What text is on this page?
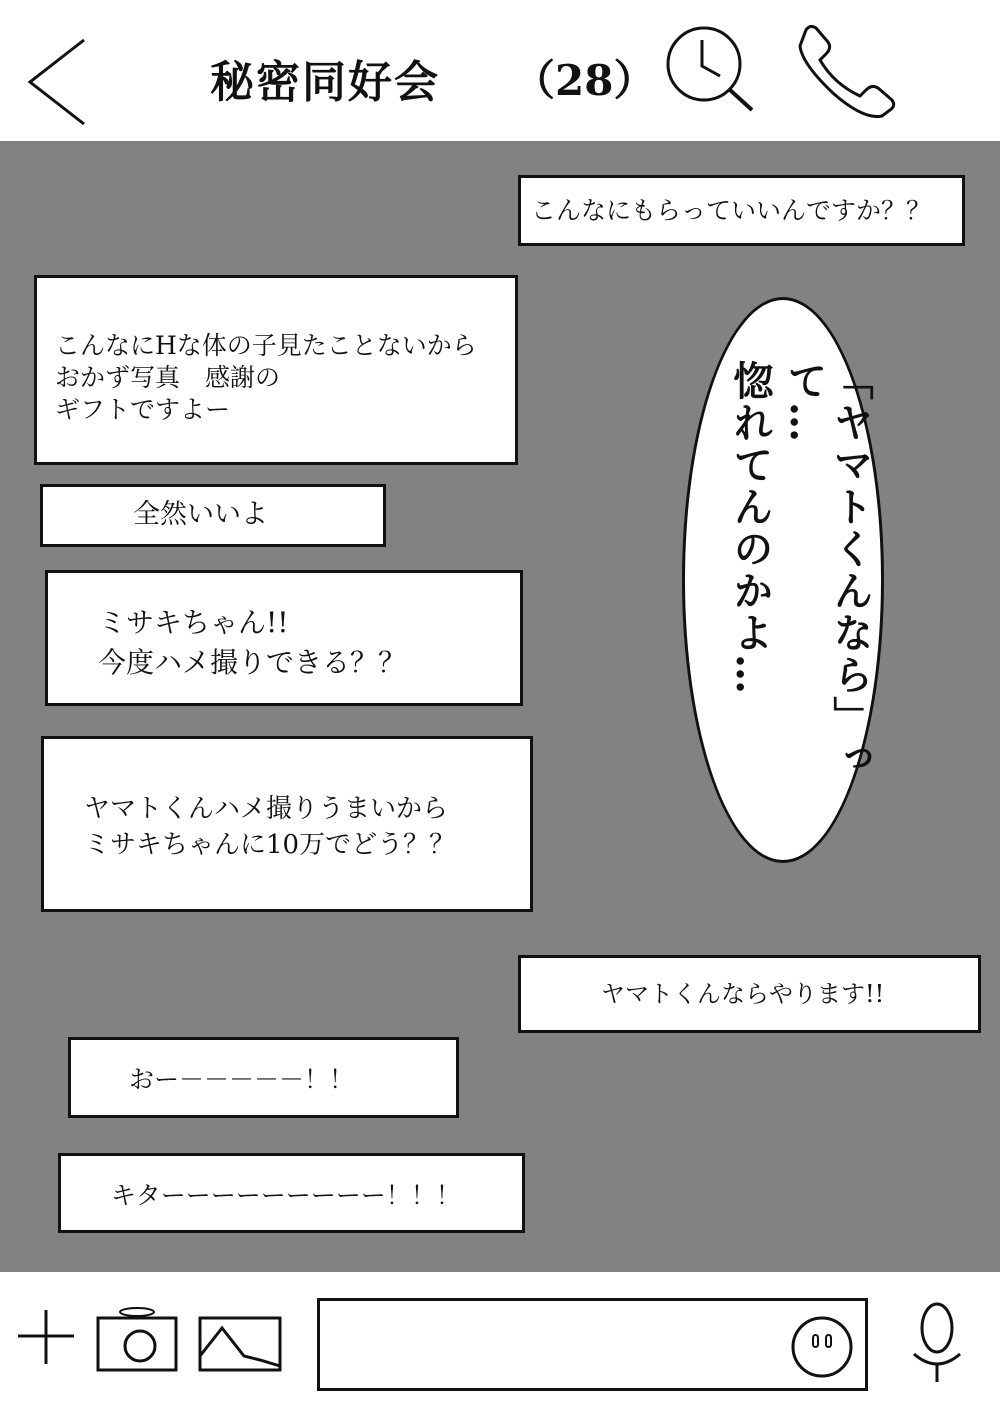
秘密同好会 （28）

こんなにもらっていいんですか？？

こんなにHな体の子見たことないから
おかず写真　感謝の
ギフトですよー

全然いいよ

ミサキちゃん!!
今度ハメ撮りできる？？

ヤマトくんハメ撮りうまいから
ミサキちゃんに10万でどう？？

ヤマトくんならやります!!

おー－－－－－！！

キターーーーーーーーー！！！

「ヤマトくんなら」って…
惚れてんのかよ…
